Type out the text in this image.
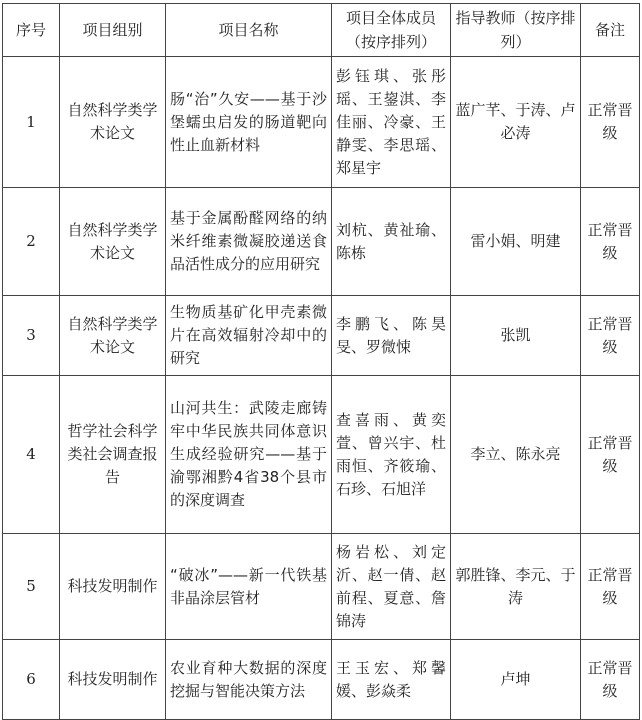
序号	项目组别	项目名称	项目全体成员（按序排列）	指导教师（按序排列）	备注
1	自然科学类学术论文	肠“治”久安——基于沙堡蠕虫启发的肠道靶向性止血新材料	彭钰琪、张彤瑶、王鋆淇、李佳丽、冷豪、王静雯、李思瑶、郑星宇	蓝广芊、于涛、卢必涛	正常晋级
2	自然科学类学术论文	基于金属酚醛网络的纳米纤维素微凝胶递送食品活性成分的应用研究	刘杭、黄祉瑜、陈栋	雷小娟、明建	正常晋级
3	自然科学类学术论文	生物质基矿化甲壳素微片在高效辐射冷却中的研究	李鹏飞、陈昊旻、罗微悚	张凯	正常晋级
4	哲学社会科学类社会调查报告	山河共生：武陵走廊铸牢中华民族共同体意识生成经验研究——基于渝鄂湘黔4省38个县市的深度调查	查喜雨、黄奕萱、曾兴宇、杜雨恒、齐筱瑜、石珍、石旭洋	李立、陈永亮	正常晋级
5	科技发明制作	“破冰”——新一代铁基非晶涂层管材	杨岩松、刘定沂、赵一倩、赵前程、夏意、詹锦涛	郭胜锋、李元、于涛	正常晋级
6	科技发明制作	农业育种大数据的深度挖掘与智能决策方法	王玉宏、郑馨媛、彭焱柔	卢坤	正常晋级
